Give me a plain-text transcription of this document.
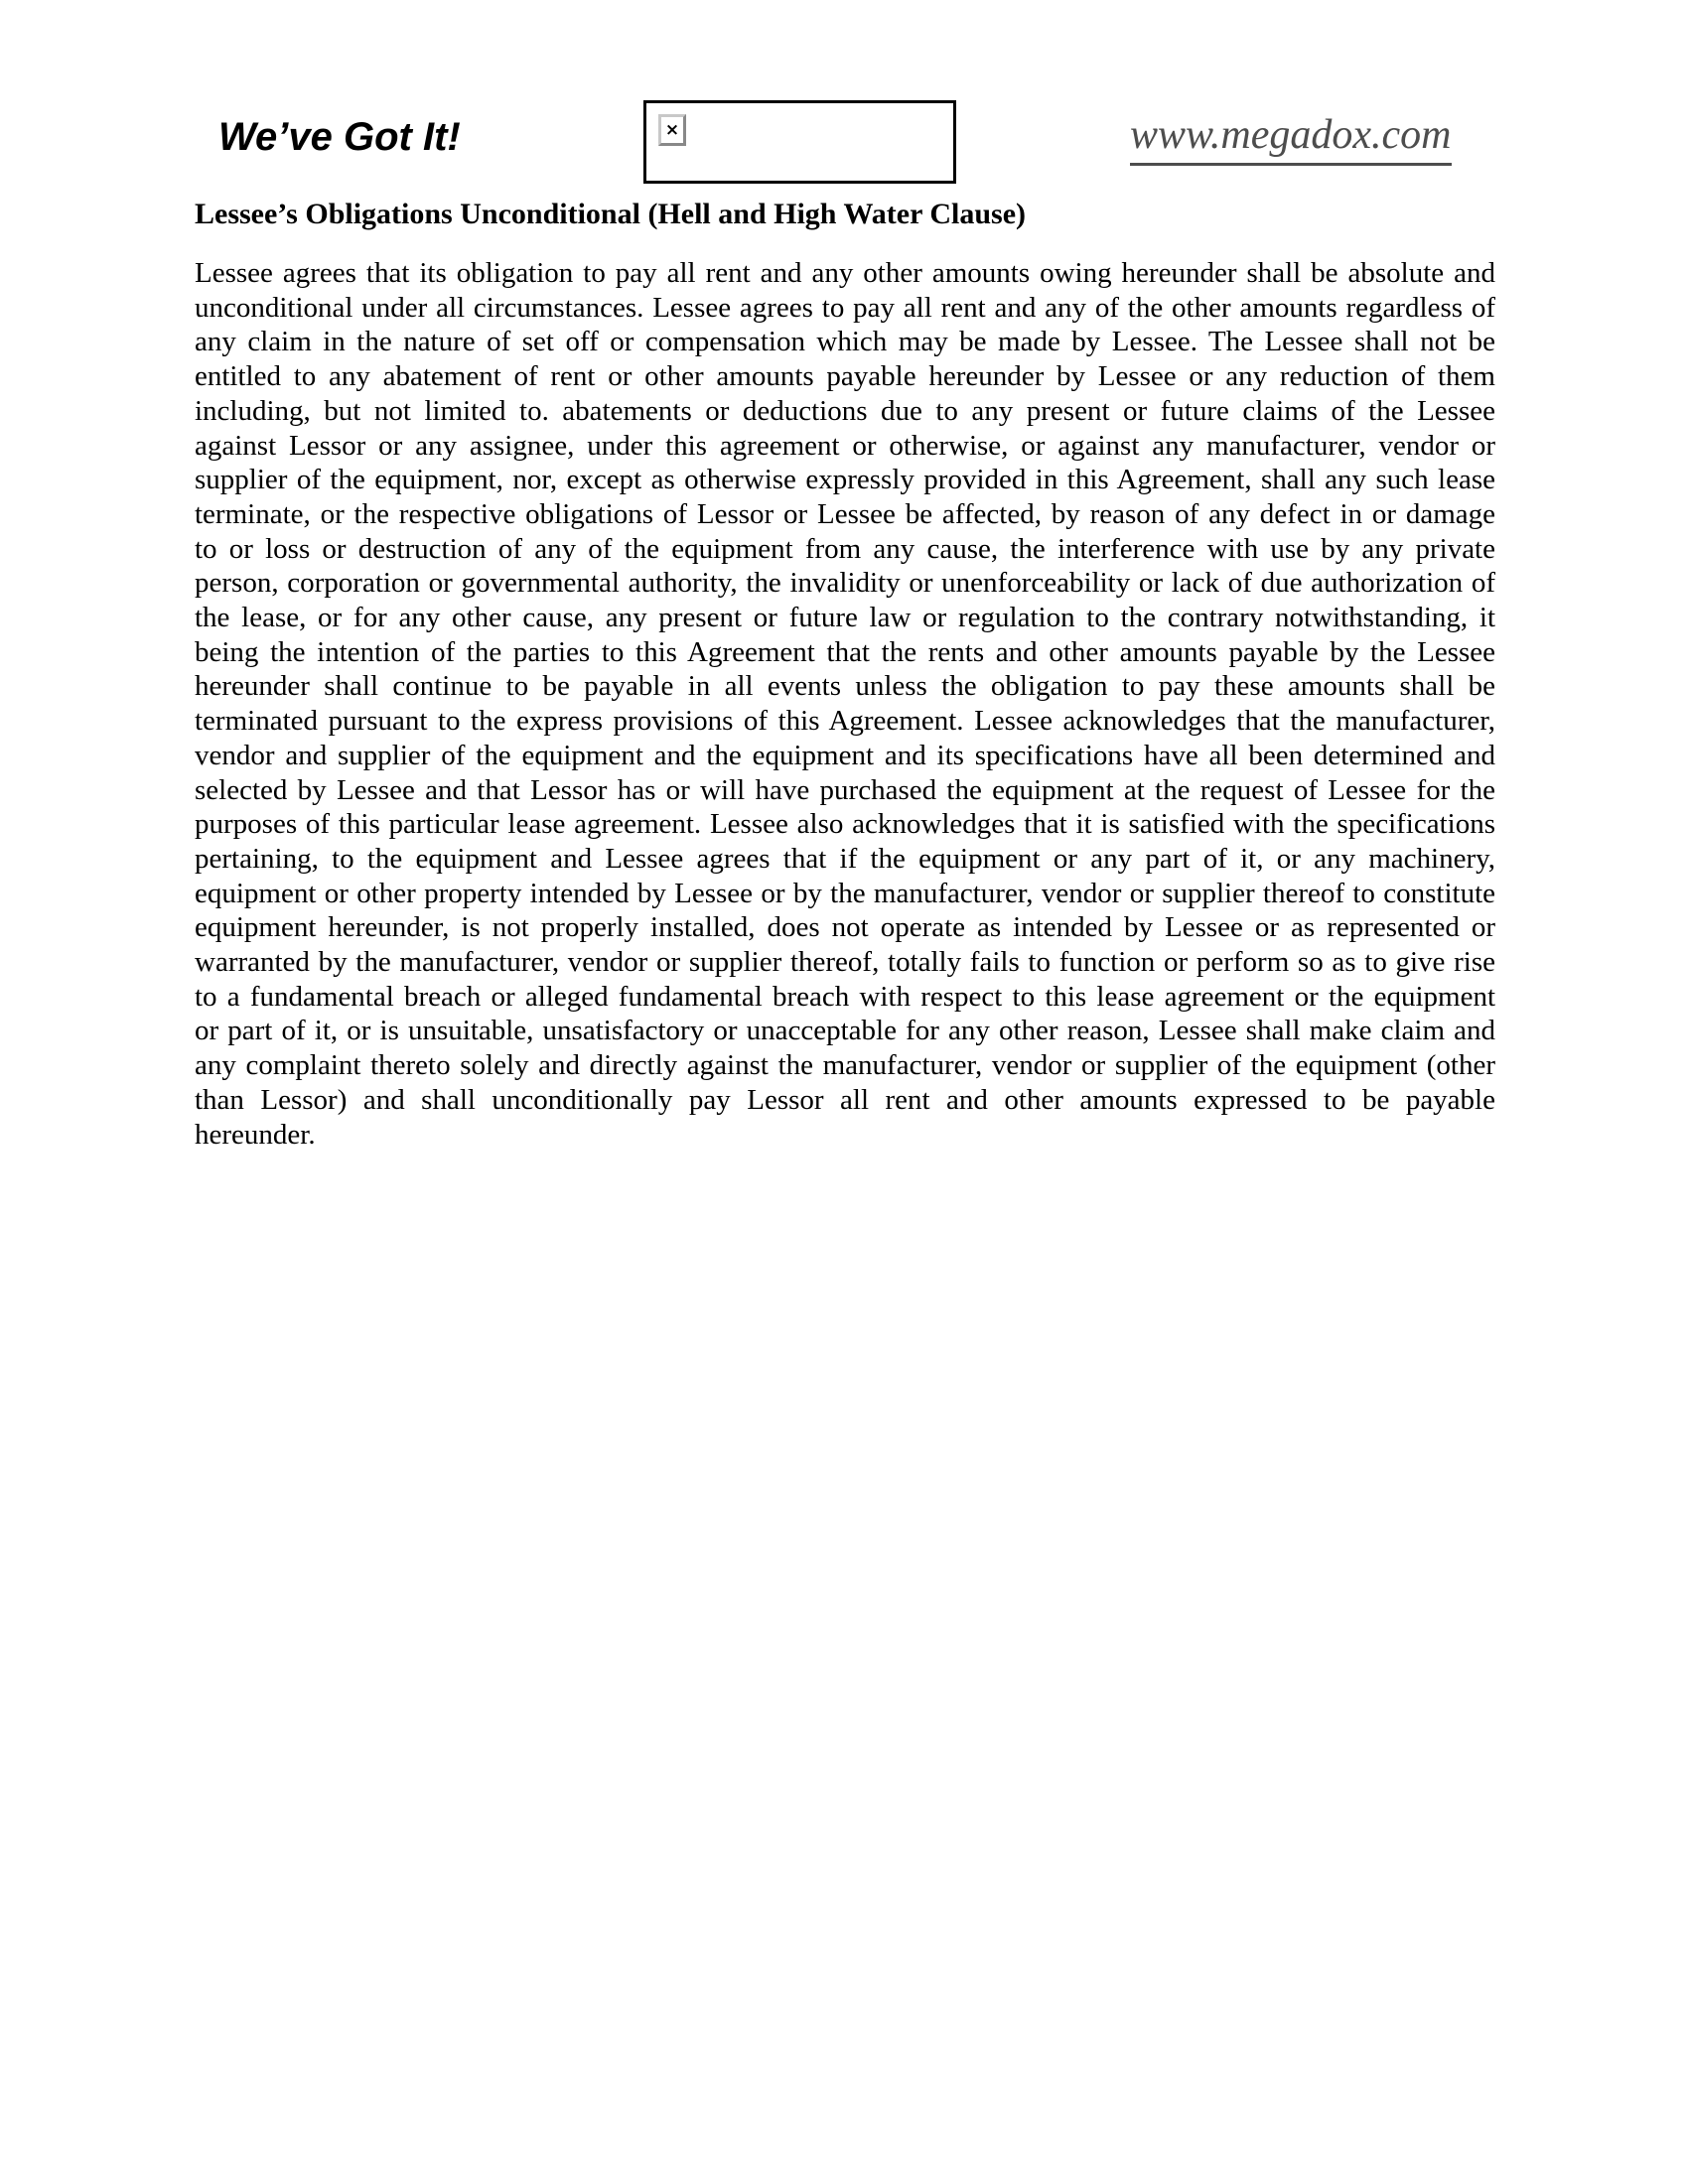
We’ve Got It!	×	www.megadox.com
Lessee’s Obligations Unconditional (Hell and High Water Clause)

Lessee agrees that its obligation to pay all rent and any other amounts owing hereunder shall be absolute and unconditional under all circumstances. Lessee agrees to pay all rent and any of the other amounts regardless of any claim in the nature of set off or compensation which may be made by Lessee. The Lessee shall not be entitled to any abatement of rent or other amounts payable hereunder by Lessee or any reduction of them including, but not limited to. abatements or deductions due to any present or future claims of the Lessee against Lessor or any assignee, under this agreement or otherwise, or against any manufacturer, vendor or supplier of the equipment, nor, except as otherwise expressly provided in this Agreement, shall any such lease terminate, or the respective obligations of Lessor or Lessee be affected, by reason of any defect in or damage to or loss or destruction of any of the equipment from any cause, the interference with use by any private person, corporation or governmental authority, the invalidity or unenforceability or lack of due authorization of the lease, or for any other cause, any present or future law or regulation to the contrary notwithstanding, it being the intention of the parties to this Agreement that the rents and other amounts payable by the Lessee hereunder shall continue to be payable in all events unless the obligation to pay these amounts shall be terminated pursuant to the express provisions of this Agreement. Lessee acknowledges that the manufacturer, vendor and supplier of the equipment and the equipment and its specifications have all been determined and selected by Lessee and that Lessor has or will have purchased the equipment at the request of Lessee for the purposes of this particular lease agreement. Lessee also acknowledges that it is satisfied with the specifications pertaining, to the equipment and Lessee agrees that if the equipment or any part of it, or any machinery, equipment or other property intended by Lessee or by the manufacturer, vendor or supplier thereof to constitute equipment hereunder, is not properly installed, does not operate as intended by Lessee or as represented or warranted by the manufacturer, vendor or supplier thereof, totally fails to function or perform so as to give rise to a fundamental breach or alleged fundamental breach with respect to this lease agreement or the equipment or part of it, or is unsuitable, unsatisfactory or unacceptable for any other reason, Lessee shall make claim and any complaint thereto solely and directly against the manufacturer, vendor or supplier of the equipment (other than Lessor) and shall unconditionally pay Lessor all rent and other amounts expressed to be payable hereunder.
